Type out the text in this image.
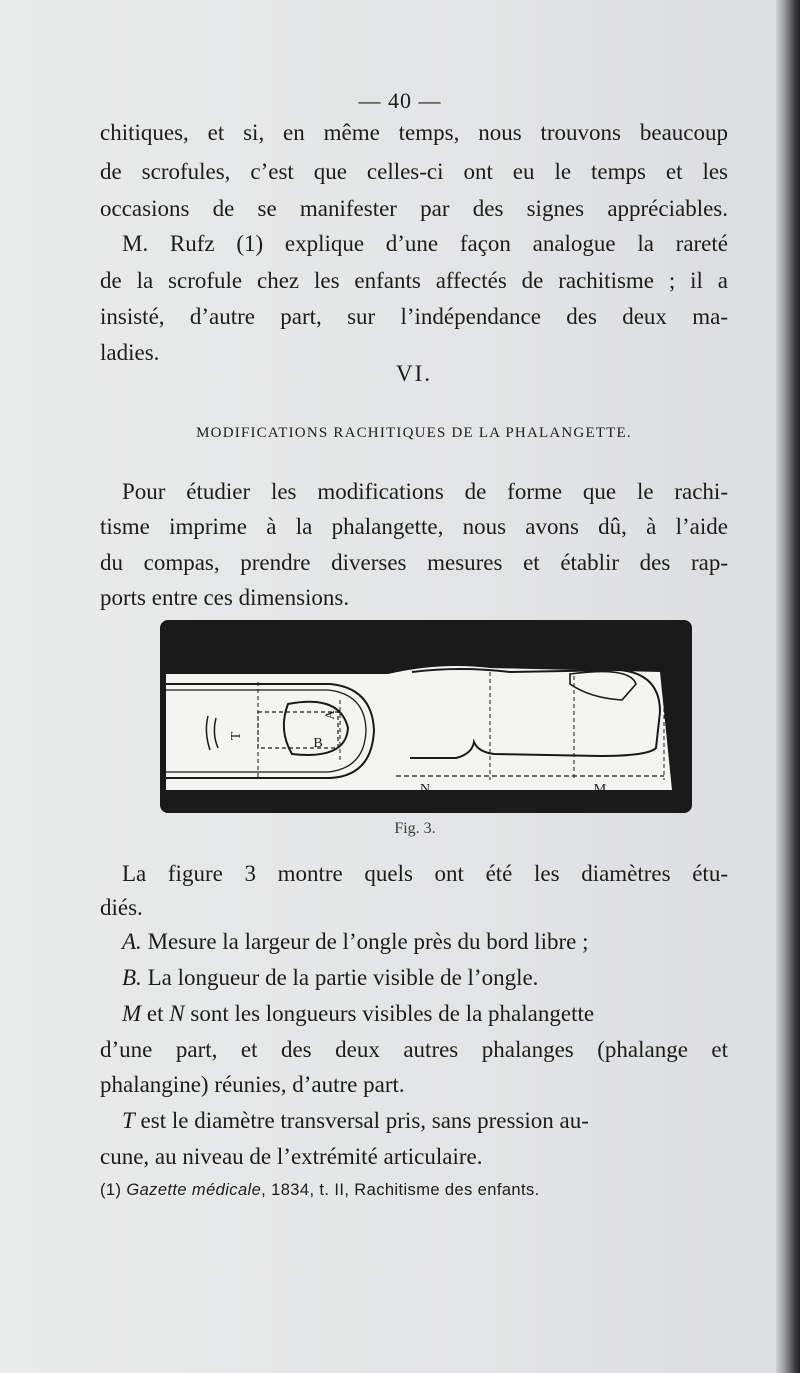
— 40 —
chitiques, et si, en même temps, nous trouvons beaucoup
de scrofules, c’est que celles-ci ont eu le temps et les
occasions de se manifester par des signes appréciables.
M. Rufz (1) explique d’une façon analogue la rareté
de la scrofule chez les enfants affectés de rachitisme ; il a
insisté, d’autre part, sur l’indépendance des deux ma-
ladies.
VI.
MODIFICATIONS RACHITIQUES DE LA PHALANGETTE.
Pour étudier les modifications de forme que le rachi-
tisme imprime à la phalangette, nous avons dû, à l’aide
du compas, prendre diverses mesures et établir des rap-
ports entre ces dimensions.
T
A
B
N	M
Fig. 3.
La figure 3 montre quels ont été les diamètres étu-
diés.
A. Mesure la largeur de l’ongle près du bord libre ;
B. La longueur de la partie visible de l’ongle.
M et N sont les longueurs visibles de la phalangette
d’une part, et des deux autres phalanges (phalange et
phalangine) réunies, d’autre part.
T est le diamètre transversal pris, sans pression au-
cune, au niveau de l’extrémité articulaire.
(1) Gazette médicale, 1834, t. II, Rachitisme des enfants.
